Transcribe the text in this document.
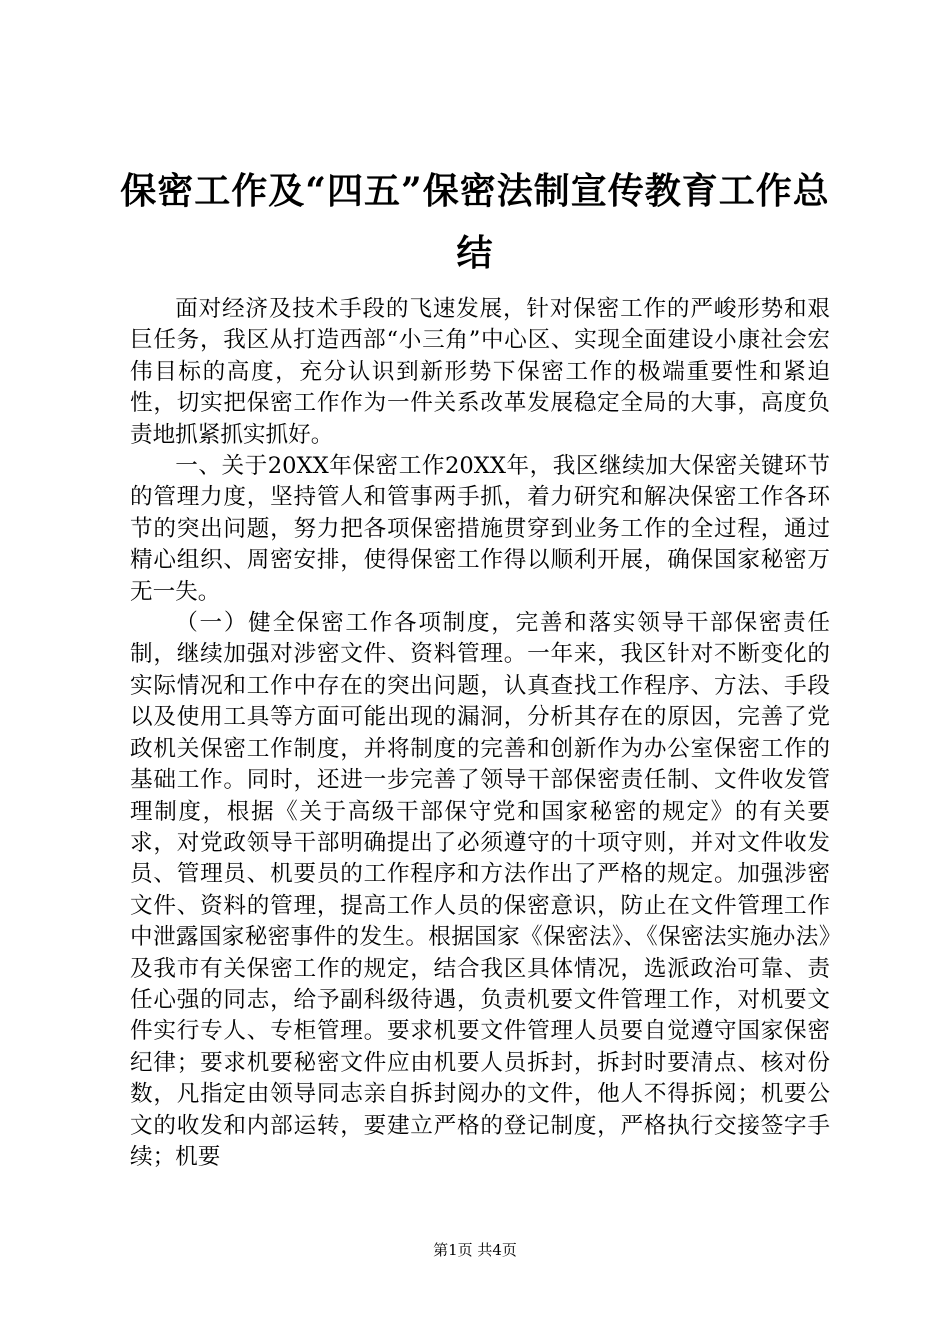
保密工作及“四五”保密法制宣传教育工作总结

面对经济及技术手段的飞速发展，针对保密工作的严峻形势和艰巨任务，我区从打造西部“小三角”中心区、实现全面建设小康社会宏伟目标的高度，充分认识到新形势下保密工作的极端重要性和紧迫性，切实把保密工作作为一件关系改革发展稳定全局的大事，高度负责地抓紧抓实抓好。

一、关于20XX年保密工作20XX年，我区继续加大保密关键环节的管理力度，坚持管人和管事两手抓，着力研究和解决保密工作各环节的突出问题，努力把各项保密措施贯穿到业务工作的全过程，通过精心组织、周密安排，使得保密工作得以顺利开展，确保国家秘密万无一失。

（一）健全保密工作各项制度，完善和落实领导干部保密责任制，继续加强对涉密文件、资料管理。一年来，我区针对不断变化的实际情况和工作中存在的突出问题，认真查找工作程序、方法、手段以及使用工具等方面可能出现的漏洞，分析其存在的原因，完善了党政机关保密工作制度，并将制度的完善和创新作为办公室保密工作的基础工作。同时，还进一步完善了领导干部保密责任制、文件收发管理制度，根据《关于高级干部保守党和国家秘密的规定》的有关要求，对党政领导干部明确提出了必须遵守的十项守则，并对文件收发员、管理员、机要员的工作程序和方法作出了严格的规定。加强涉密文件、资料的管理，提高工作人员的保密意识，防止在文件管理工作中泄露国家秘密事件的发生。根据国家《保密法》、《保密法实施办法》及我市有关保密工作的规定，结合我区具体情况，选派政治可靠、责任心强的同志，给予副科级待遇，负责机要文件管理工作，对机要文件实行专人、专柜管理。要求机要文件管理人员要自觉遵守国家保密纪律；要求机要秘密文件应由机要人员拆封，拆封时要清点、核对份数，凡指定由领导同志亲自拆封阅办的文件，他人不得拆阅；机要公文的收发和内部运转，要建立严格的登记制度，严格执行交接签字手续；机要

第1页 共4页
